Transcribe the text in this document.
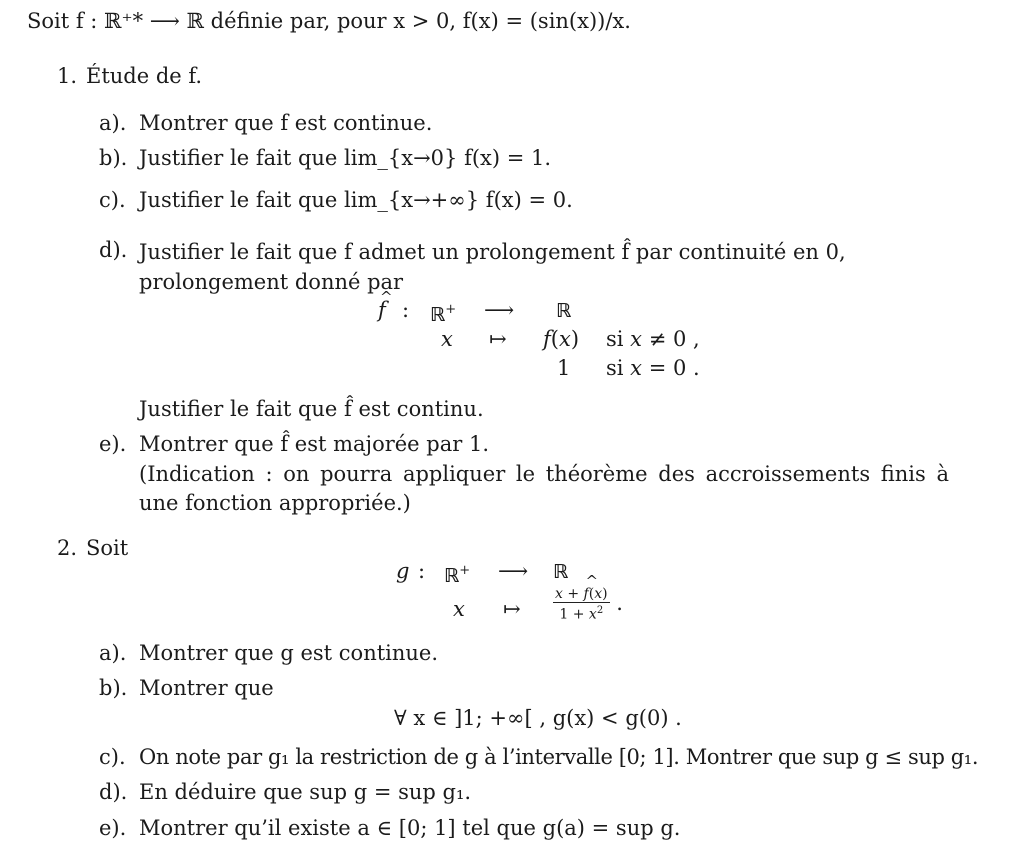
Soit f : ℝ⁺* ⟶ ℝ définie par, pour x > 0, f(x) = (sin(x))/x.
1. Étude de f.
a). Montrer que f est continue.
b). Justifier le fait que lim_{x→0} f(x) = 1.
c). Justifier le fait que lim_{x→+∞} f(x) = 0.
d). Justifier le fait que f admet un prolongement f̂ par continuité en 0, prolongement donné par
^ f : ℝ+ ⟶ ℝ
x ↦ f(x) si x ≠ 0 ,
1 si x = 0 .
Justifier le fait que f̂ est continu.
e). Montrer que f̂ est majorée par 1.
(Indication : on pourra appliquer le théorème des accroissements finis à une fonction appropriée.)
2. Soit
g : ℝ+ ⟶ ℝ
x ↦ $\frac{x + \^{} f(x)}{1 + x^2}$ .
a). Montrer que g est continue.
b). Montrer que
∀ x ∈ ]1; +∞[ , g(x) < g(0) .
c). On note par g₁ la restriction de g à l’intervalle [0; 1]. Montrer que sup g ≤ sup g₁.
d). En déduire que sup g = sup g₁.
e). Montrer qu’il existe a ∈ [0; 1] tel que g(a) = sup g.
